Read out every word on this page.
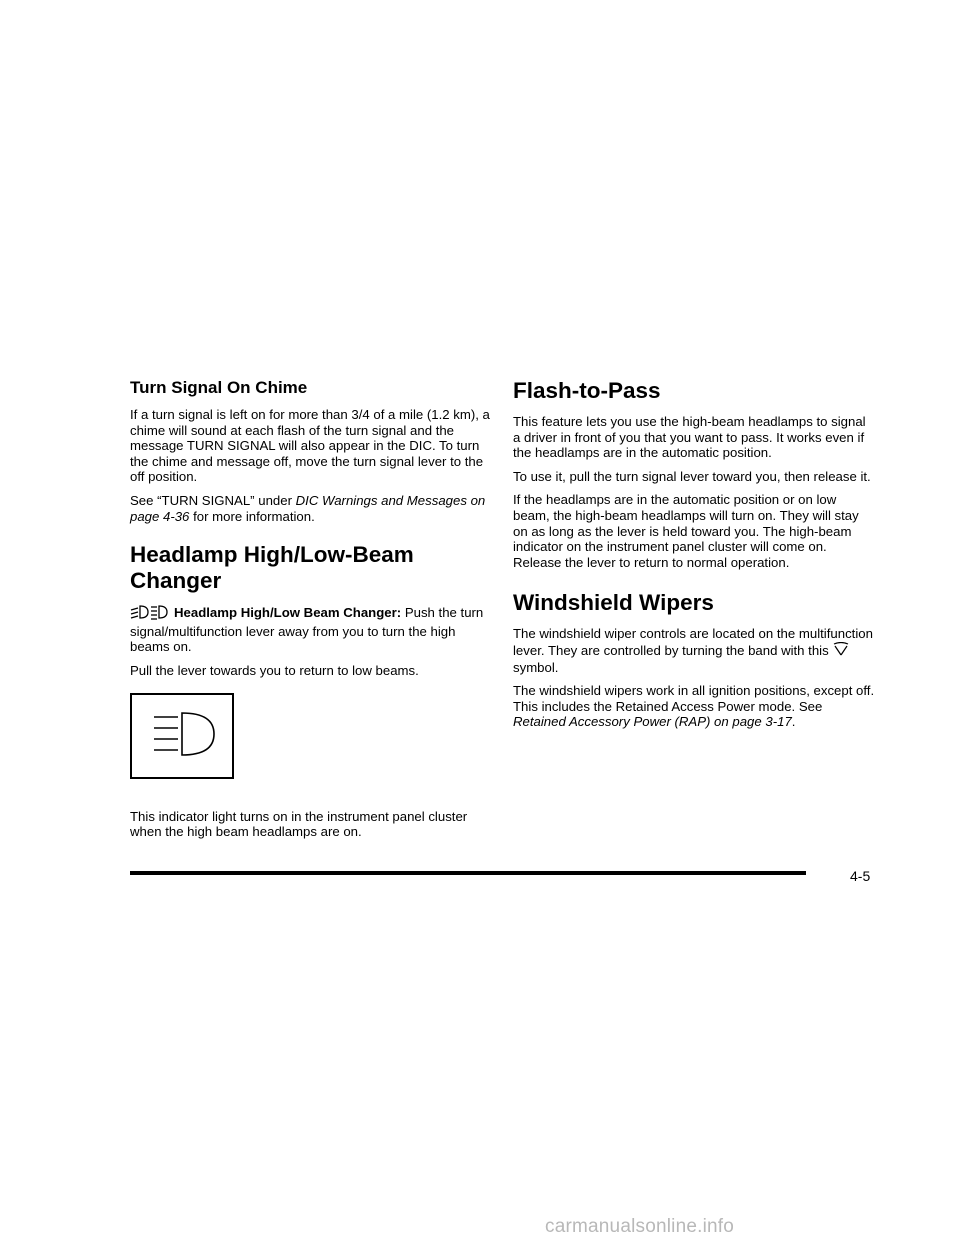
Turn Signal On Chime

If a turn signal is left on for more than 3/4 of a mile (1.2 km), a chime will sound at each flash of the turn signal and the message TURN SIGNAL will also appear in the DIC. To turn the chime and message off, move the turn signal lever to the off position.

See “TURN SIGNAL” under DIC Warnings and Messages on page 4-36 for more information.

Headlamp High/Low-Beam Changer

Headlamp High/Low Beam Changer: Push the turn signal/multifunction lever away from you to turn the high beams on.

Pull the lever towards you to return to low beams.

This indicator light turns on in the instrument panel cluster when the high beam headlamps are on.

Flash-to-Pass

This feature lets you use the high-beam headlamps to signal a driver in front of you that you want to pass. It works even if the headlamps are in the automatic position.

To use it, pull the turn signal lever toward you, then release it.

If the headlamps are in the automatic position or on low beam, the high-beam headlamps will turn on. They will stay on as long as the lever is held toward you. The high-beam indicator on the instrument panel cluster will come on. Release the lever to return to normal operation.

Windshield Wipers

The windshield wiper controls are located on the multifunction lever. They are controlled by turning the band with thissymbol.

The windshield wipers work in all ignition positions, except off. This includes the Retained Access Power mode. See Retained Accessory Power (RAP) on page 3-17.

4-5
carmanualsonline.info
